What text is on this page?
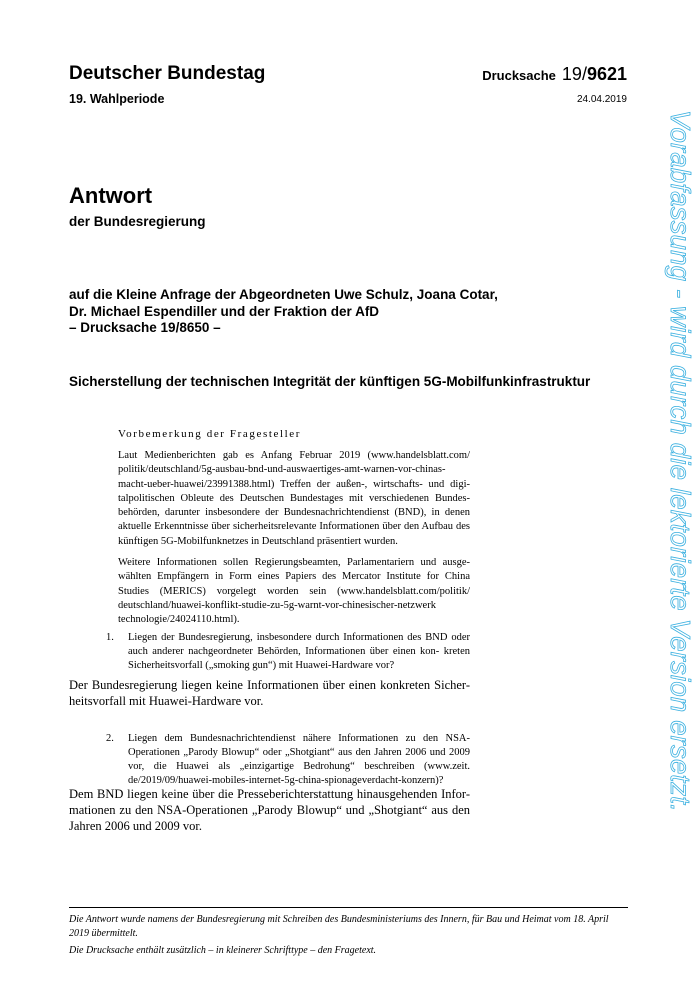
Deutscher Bundestag
19. Wahlperiode
Drucksache 19/9621
24.04.2019
Antwort
der Bundesregierung
auf die Kleine Anfrage der Abgeordneten Uwe Schulz, Joana Cotar,
Dr. Michael Espendiller und der Fraktion der AfD
– Drucksache 19/8650 –
Sicherstellung der technischen Integrität der künftigen 5G-Mobilfunkinfrastruktur
Vorbemerkung der Fragesteller

Laut Medienberichten gab es Anfang Februar 2019 (www.handelsblatt.com/ politik/deutschland/5g-ausbau-bnd-und-auswaertiges-amt-warnen-vor-chinas- macht-ueber-huawei/23991388.html) Treffen der außen-, wirtschafts- und digi- talpolitischen Obleute des Deutschen Bundestages mit verschiedenen Bundes- behörden, darunter insbesondere der Bundesnachrichtendienst (BND), in denen aktuelle Erkenntnisse über sicherheitsrelevante Informationen über den Aufbau des künftigen 5G-Mobilfunknetzes in Deutschland präsentiert wurden.

Weitere Informationen sollen Regierungsbeamten, Parlamentariern und ausge- wählten Empfängern in Form eines Papiers des Mercator Institute for China Studies (MERICS) vorgelegt worden sein (www.handelsblatt.com/politik/ deutschland/huawei-konflikt-studie-zu-5g-warnt-vor-chinesischer-netzwerk technologie/24024110.html).

1. Liegen der Bundesregierung, insbesondere durch Informationen des BND oder auch anderer nachgeordneter Behörden, Informationen über einen kon- kreten Sicherheitsvorfall („smoking gun“) mit Huawei-Hardware vor?
Der Bundesregierung liegen keine Informationen über einen konkreten Sicher- heitsvorfall mit Huawei-Hardware vor.
2. Liegen dem Bundesnachrichtendienst nähere Informationen zu den NSA- Operationen „Parody Blowup“ oder „Shotgiant“ aus den Jahren 2006 und 2009 vor, die Huawei als „einzigartige Bedrohung“ beschreiben (www.zeit. de/2019/09/huawei-mobiles-internet-5g-china-spionageverdacht-konzern)?
Dem BND liegen keine über die Presseberichterstattung hinausgehenden Infor- mationen zu den NSA-Operationen „Parody Blowup“ und „Shotgiant“ aus den Jahren 2006 und 2009 vor.

Die Antwort wurde namens der Bundesregierung mit Schreiben des Bundesministeriums des Innern, für Bau und Heimat vom 18. April 2019 übermittelt.

Die Drucksache enthält zusätzlich – in kleinerer Schrifttype – den Fragetext.

Vorabfassung - wird durch die lektorierte Version ersetzt.
